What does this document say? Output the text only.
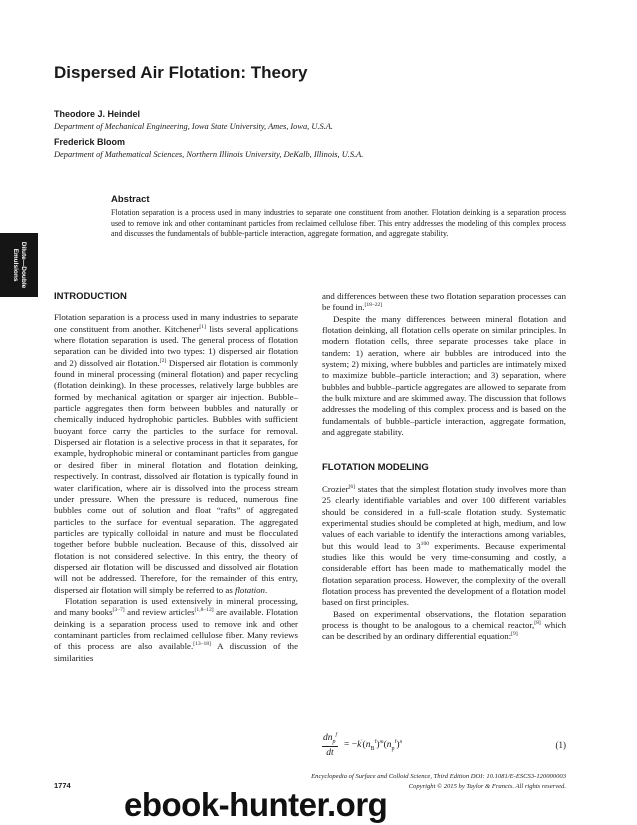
Dispersed Air Flotation: Theory
Theodore J. Heindel
Department of Mechanical Engineering, Iowa State University, Ames, Iowa, U.S.A.
Frederick Bloom
Department of Mathematical Sciences, Northern Illinois University, DeKalb, Illinois, U.S.A.
Abstract

Flotation separation is a process used in many industries to separate one constituent from another. Flotation deinking is a separation process used to remove ink and other contaminant particles from reclaimed cellulose fiber. This entry addresses the modeling of this complex process and discusses the fundamentals of bubble-particle interaction, aggregate formation, and aggregate stability.

Dilute—Double
Emulsions
INTRODUCTION

Flotation separation is a process used in many industries to separate one constituent from another. Kitchener[1] lists several applications where flotation separation is used. The general process of flotation separation can be divided into two types: 1) dispersed air flotation and 2) dissolved air flotation.[2] Dispersed air flotation is commonly found in mineral processing (mineral flotation) and paper recycling (flotation deinking). In these processes, relatively large bubbles are formed by mechanical agitation or sparger air injection. Bubble–particle aggregates then form between bubbles and naturally or chemically induced hydrophobic particles. Bubbles with sufficient buoyant force carry the particles to the surface for removal. Dispersed air flotation is a selective process in that it separates, for example, hydrophobic mineral or contaminant particles from gangue or desired fiber in mineral flotation and flotation deinking, respectively. In contrast, dissolved air flotation is typically found in water clarification, where air is dissolved into the process stream under pressure. When the pressure is reduced, numerous fine bubbles come out of solution and float “rafts” of aggregated particles to the surface for eventual separation. The aggregated particles are typically colloidal in nature and must be flocculated together before bubble nucleation. Because of this, dissolved air flotation is not considered selective. In this entry, the theory of dispersed air flotation will be discussed and dissolved air flotation will not be addressed. Therefore, for the remainder of this entry, dispersed air flotation will simply be referred to as flotation.

Flotation separation is used extensively in mineral processing, and many books[3–7] and review articles[1,8–12] are available. Flotation deinking is a separation process used to remove ink and other contaminant particles from reclaimed cellulose fiber. Many reviews of this process are also available.[13–18] A discussion of the similarities

and differences between these two flotation separation processes can be found in.[18–22]

Despite the many differences between mineral flotation and flotation deinking, all flotation cells operate on similar principles. In modern flotation cells, three separate processes take place in tandem: 1) aeration, where air bubbles are introduced into the system; 2) mixing, where bubbles and particles are intimately mixed to maximize bubble–particle interaction; and 3) separation, where bubbles and bubble–particle aggregates are allowed to separate from the bulk mixture and are skimmed away. The discussion that follows addresses the modeling of this complex process and is based on the fundamentals of bubble–particle interaction, aggregate formation, and aggregate stability.

FLOTATION MODELING

Crozier[6] states that the simplest flotation study involves more than 25 clearly identifiable variables and over 100 different variables should be considered in a full-scale flotation study. Systematic experimental studies should be completed at high, medium, and low values of each variable to identify the interactions among variables, but this would lead to $3^{100}$ experiments. Because experimental studies like this would be very time-consuming and costly, a considerable effort has been made to mathematically model the flotation separation process. However, the complexity of the overall flotation process has prevented the development of a flotation model based on first principles.

Based on experimental observations, the flotation separation process is thought to be analogous to a chemical reactor,[8] which can be described by an ordinary differential equation:[9]

$dn_p^f$
dt
= $-k'(n_B^f)^m(n_p^f)^n$	(1)
1774
Encyclopedia of Surface and Colloid Science, Third Edition DOI: 10.1081/E-ESCS3-120000003
Copyright © 2015 by Taylor & Francis. All rights reserved.
ebook-hunter.org
